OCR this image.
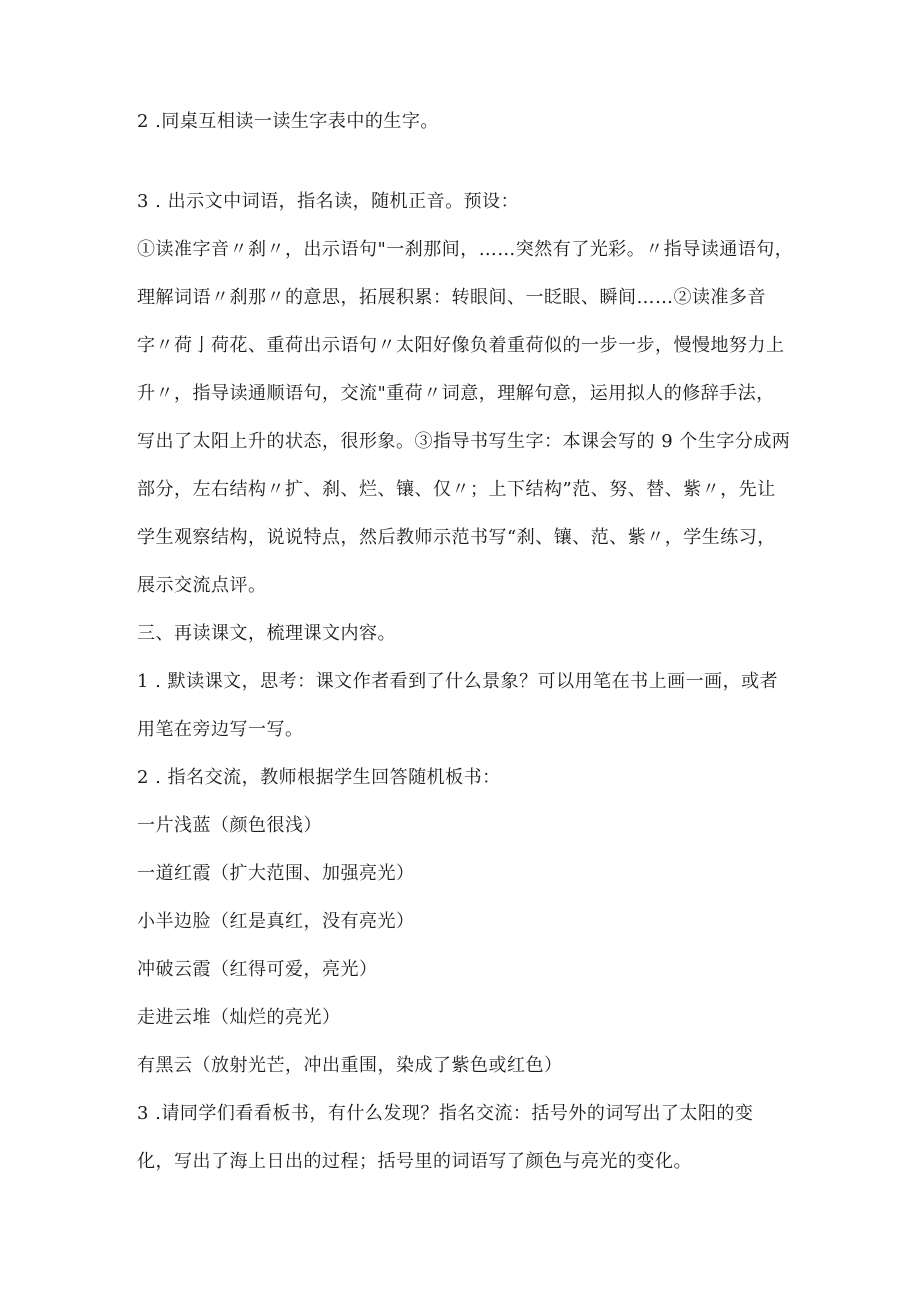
2 .同桌互相读一读生字表中的生字。

3 . 出示文中词语，指名读，随机正音。预设：

①读准字音〃刹〃，出示语句"一刹那间，……突然有了光彩。〃指导读通语句，

理解词语〃刹那〃的意思，拓展积累：转眼间、一眨眼、瞬间……②读准多音

字〃荷亅荷花、重荷出示语句〃太阳好像负着重荷似的一步一步，慢慢地努力上

升〃，指导读通顺语句，交流"重荷〃词意，理解句意，运用拟人的修辞手法，

写出了太阳上升的状态，很形象。③指导书写生字：本课会写的 9 个生字分成两

部分，左右结构〃扩、刹、烂、镶、仅〃；上下结构”范、努、替、紫〃，先让

学生观察结构，说说特点，然后教师示范书写“刹、镶、范、紫〃，学生练习，

展示交流点评。

三、再读课文，梳理课文内容。

1 . 默读课文，思考：课文作者看到了什么景象？可以用笔在书上画一画，或者

用笔在旁边写一写。

2 . 指名交流，教师根据学生回答随机板书：

一片浅蓝（颜色很浅）

一道红霞（扩大范围、加强亮光）

小半边脸（红是真红，没有亮光）

冲破云霞（红得可爱，亮光）

走进云堆（灿烂的亮光）

有黑云（放射光芒，冲出重围，染成了紫色或红色）

3 .请同学们看看板书，有什么发现？指名交流：括号外的词写出了太阳的变

化，写出了海上日出的过程；括号里的词语写了颜色与亮光的变化。
